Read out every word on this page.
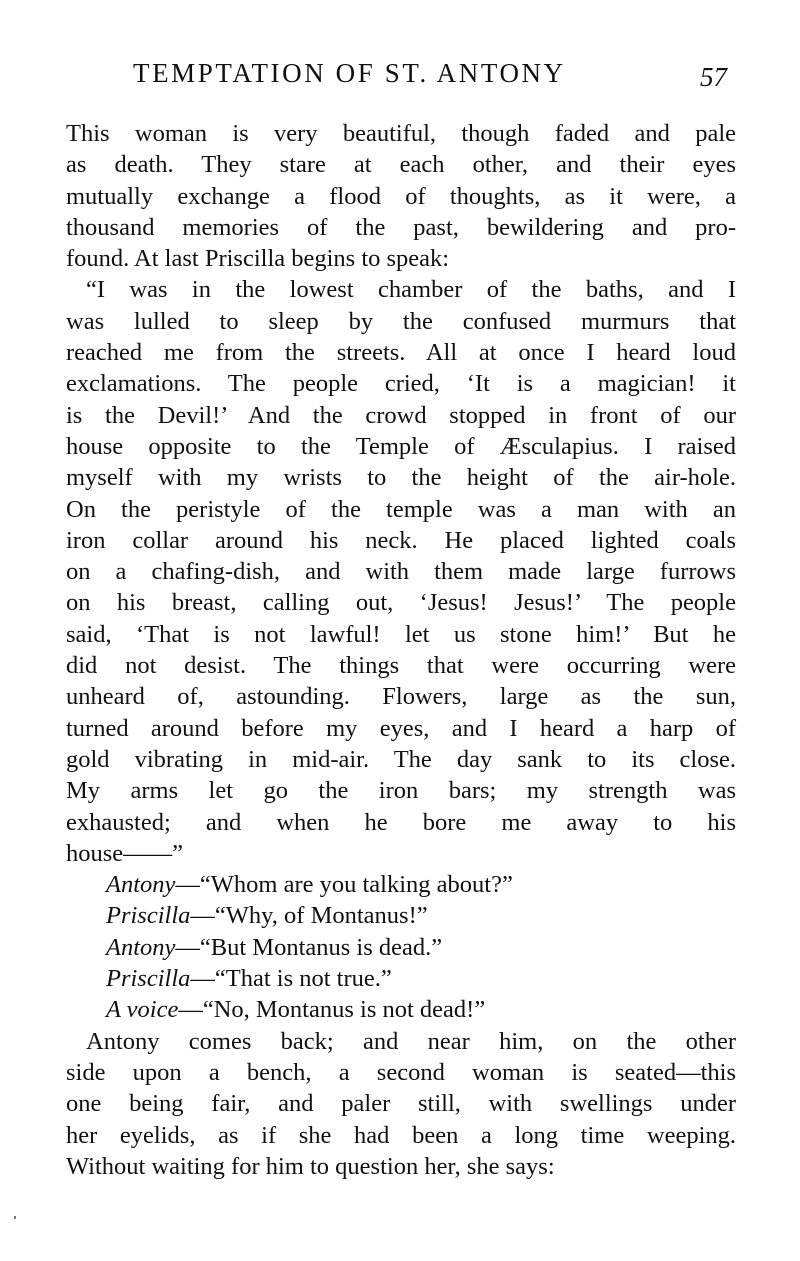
TEMPTATION OF ST. ANTONY	57
This woman is very beautiful, though faded and pale
as death. They stare at each other, and their eyes
mutually exchange a flood of thoughts, as it were, a
thousand memories of the past, bewildering and pro-
found. At last Priscilla begins to speak:
“I was in the lowest chamber of the baths, and I
was lulled to sleep by the confused murmurs that
reached me from the streets. All at once I heard loud
exclamations. The people cried, ‘It is a magician! it
is the Devil!’ And the crowd stopped in front of our
house opposite to the Temple of Æsculapius. I raised
myself with my wrists to the height of the air-hole.
On the peristyle of the temple was a man with an
iron collar around his neck. He placed lighted coals
on a chafing-dish, and with them made large furrows
on his breast, calling out, ‘Jesus! Jesus!’ The people
said, ‘That is not lawful! let us stone him!’ But he
did not desist. The things that were occurring were
unheard of, astounding. Flowers, large as the sun,
turned around before my eyes, and I heard a harp of
gold vibrating in mid-air. The day sank to its close.
My arms let go the iron bars; my strength was
exhausted; and when he bore me away to his
house——”
Antony—“Whom are you talking about?”
Priscilla—“Why, of Montanus!”
Antony—“But Montanus is dead.”
Priscilla—“That is not true.”
A voice—“No, Montanus is not dead!”
Antony comes back; and near him, on the other
side upon a bench, a second woman is seated—this
one being fair, and paler still, with swellings under
her eyelids, as if she had been a long time weeping.
Without waiting for him to question her, she says:
